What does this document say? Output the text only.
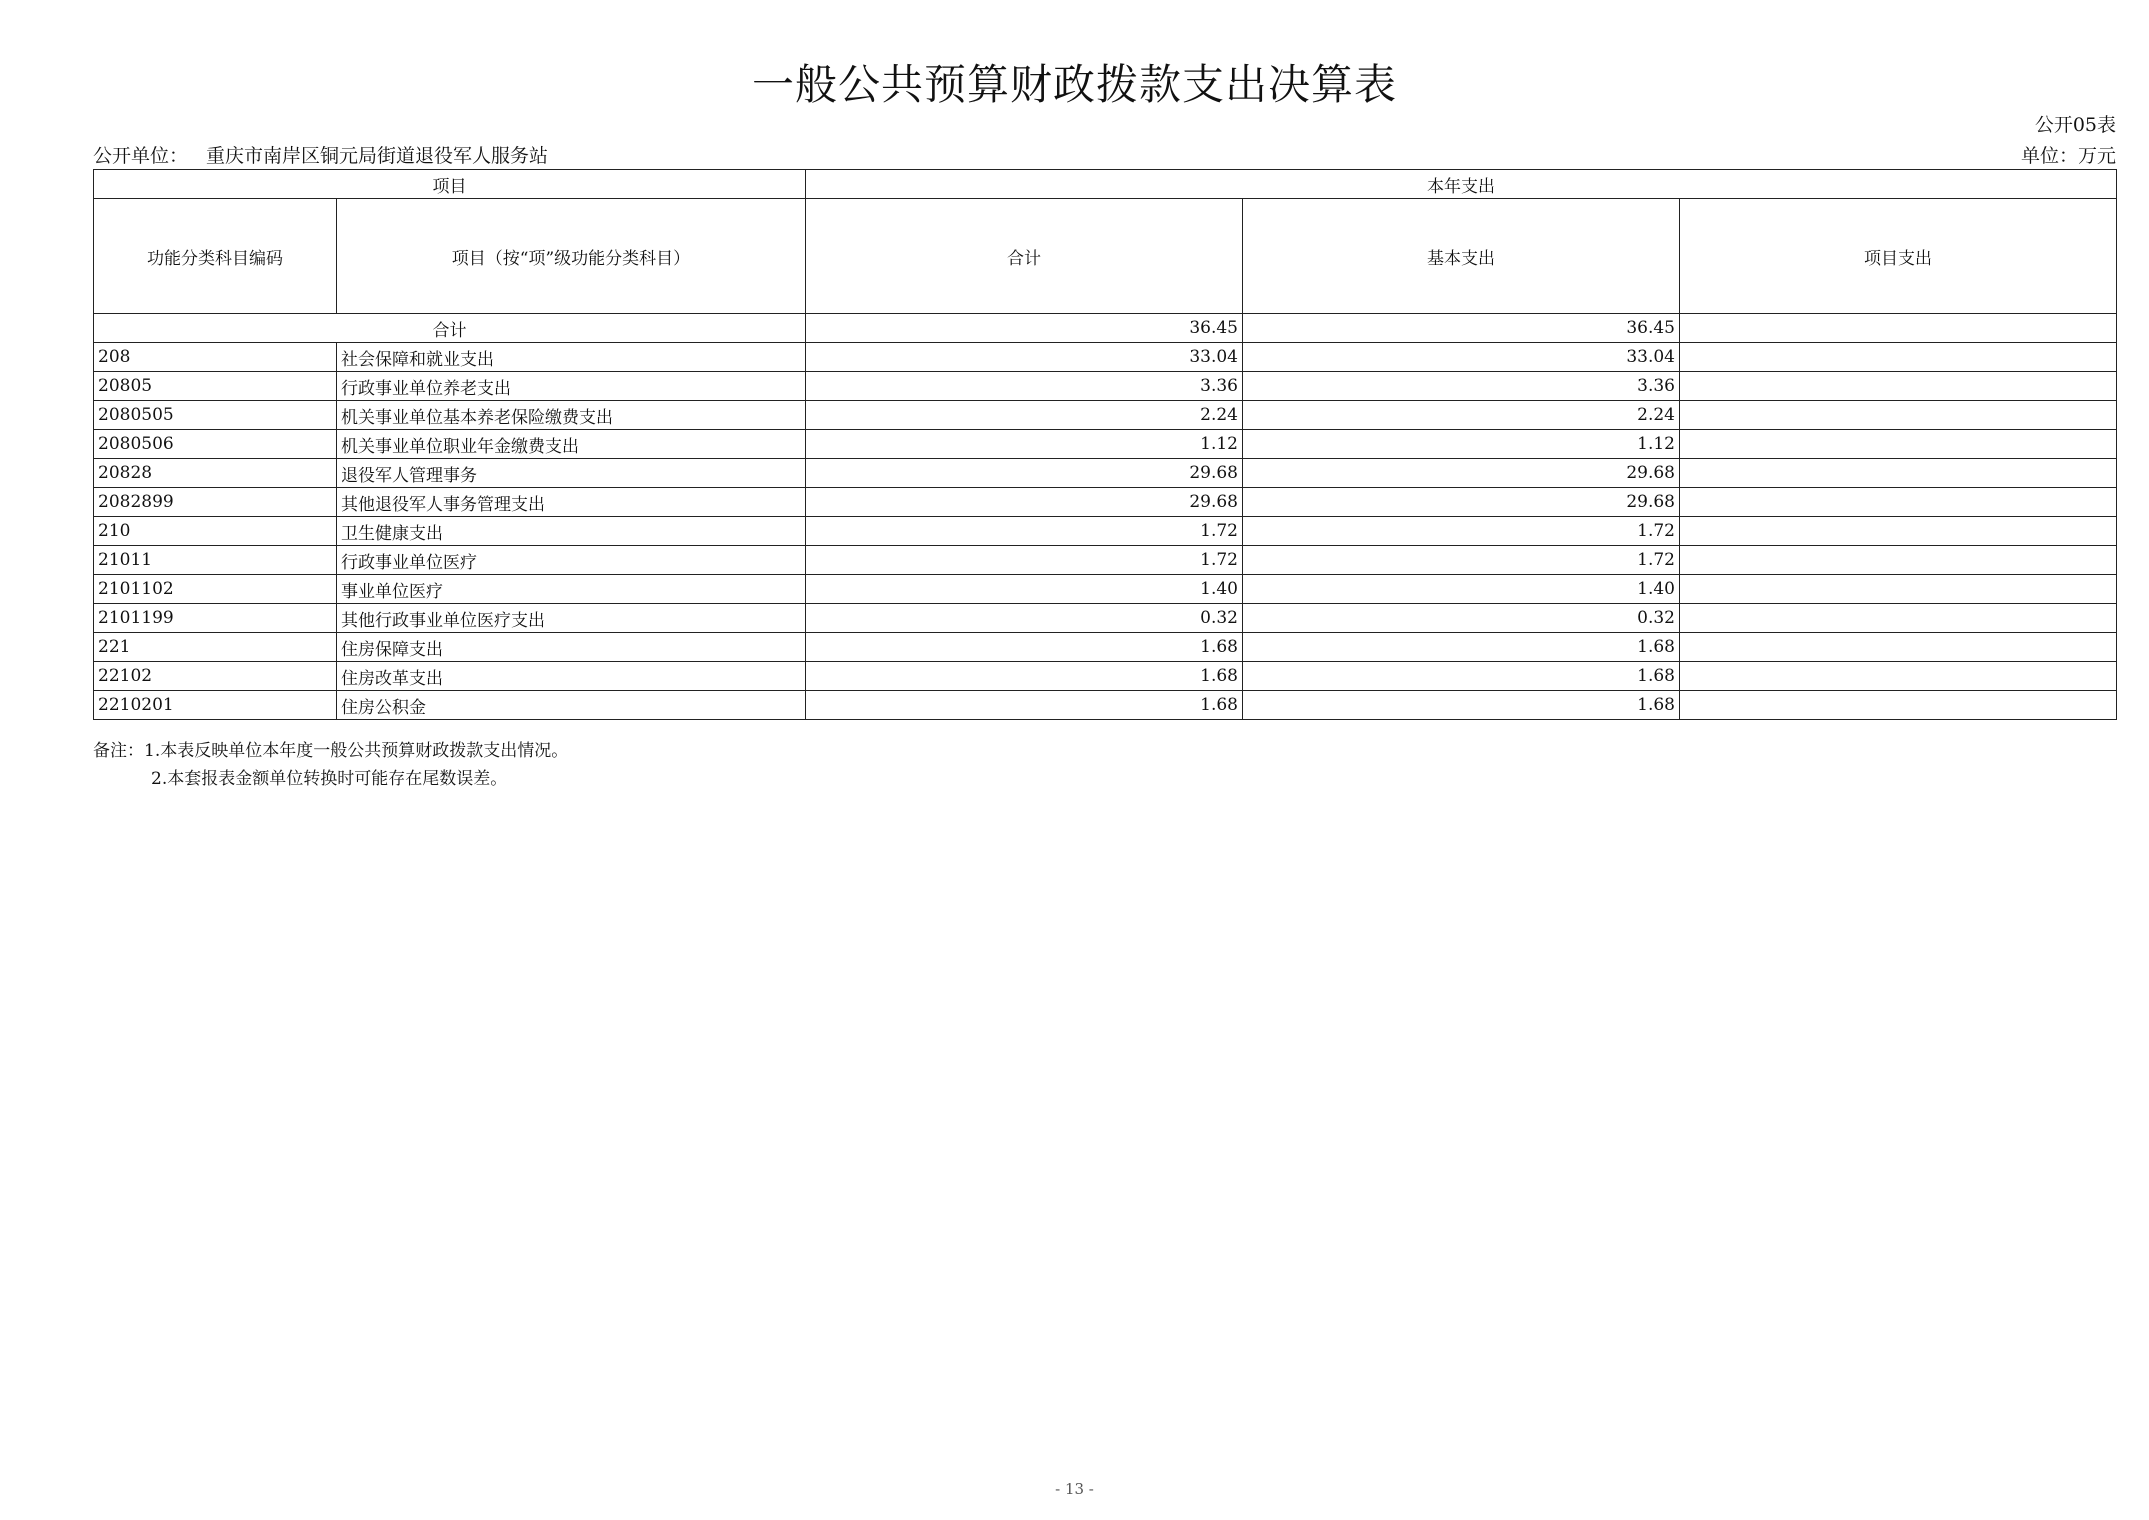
一般公共预算财政拨款支出决算表
公开05表
公开单位： 重庆市南岸区铜元局街道退役军人服务站	单位：万元
项目		本年支出		
功能分类科目编码	项目（按“项”级功能分类科目）	合计	基本支出	项目支出
合计		36.45	36.45	
208	社会保障和就业支出	33.04	33.04	
20805	行政事业单位养老支出	3.36	3.36	
2080505	机关事业单位基本养老保险缴费支出	2.24	2.24	
2080506	机关事业单位职业年金缴费支出	1.12	1.12	
20828	退役军人管理事务	29.68	29.68	
2082899	其他退役军人事务管理支出	29.68	29.68	
210	卫生健康支出	1.72	1.72	
21011	行政事业单位医疗	1.72	1.72	
2101102	事业单位医疗	1.40	1.40	
2101199	其他行政事业单位医疗支出	0.32	0.32	
221	住房保障支出	1.68	1.68	
22102	住房改革支出	1.68	1.68	
2210201	住房公积金	1.68	1.68	
备注：1.本表反映单位本年度一般公共预算财政拨款支出情况。
2.本套报表金额单位转换时可能存在尾数误差。
- 13 -
